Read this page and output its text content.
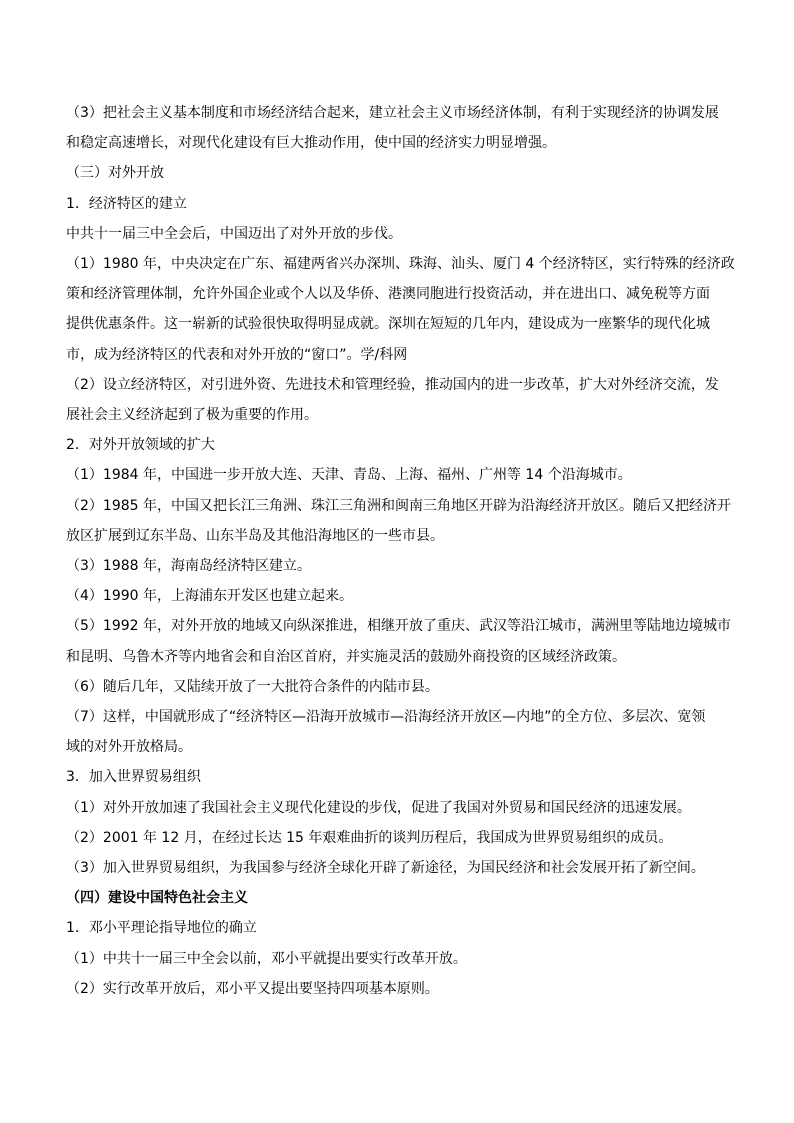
（3）把社会主义基本制度和市场经济结合起来，建立社会主义市场经济体制，有利于实现经济的协调发展

和稳定高速增长，对现代化建设有巨大推动作用，使中国的经济实力明显增强。

（三）对外开放

1．经济特区的建立

中共十一届三中全会后，中国迈出了对外开放的步伐。

（1）1980 年，中央决定在广东、福建两省兴办深圳、珠海、汕头、厦门 4 个经济特区，实行特殊的经济政

策和经济管理体制，允许外国企业或个人以及华侨、港澳同胞进行投资活动，并在进出口、减免税等方面

提供优惠条件。这一崭新的试验很快取得明显成就。深圳在短短的几年内，建设成为一座繁华的现代化城

市，成为经济特区的代表和对外开放的“窗口”。学/科网

（2）设立经济特区，对引进外资、先进技术和管理经验，推动国内的进一步改革，扩大对外经济交流，发

展社会主义经济起到了极为重要的作用。

2．对外开放领域的扩大

（1）1984 年，中国进一步开放大连、天津、青岛、上海、福州、广州等 14 个沿海城市。

（2）1985 年，中国又把长江三角洲、珠江三角洲和闽南三角地区开辟为沿海经济开放区。随后又把经济开

放区扩展到辽东半岛、山东半岛及其他沿海地区的一些市县。

（3）1988 年，海南岛经济特区建立。

（4）1990 年，上海浦东开发区也建立起来。

（5）1992 年，对外开放的地域又向纵深推进，相继开放了重庆、武汉等沿江城市，满洲里等陆地边境城市

和昆明、乌鲁木齐等内地省会和自治区首府，并实施灵活的鼓励外商投资的区域经济政策。

（6）随后几年，又陆续开放了一大批符合条件的内陆市县。

（7）这样，中国就形成了“经济特区—沿海开放城市—沿海经济开放区—内地”的全方位、多层次、宽领

域的对外开放格局。

3．加入世界贸易组织

（1）对外开放加速了我国社会主义现代化建设的步伐，促进了我国对外贸易和国民经济的迅速发展。

（2）2001 年 12 月，在经过长达 15 年艰难曲折的谈判历程后，我国成为世界贸易组织的成员。

（3）加入世界贸易组织，为我国参与经济全球化开辟了新途径，为国民经济和社会发展开拓了新空间。

（四）建设中国特色社会主义

1．邓小平理论指导地位的确立

（1）中共十一届三中全会以前，邓小平就提出要实行改革开放。

（2）实行改革开放后，邓小平又提出要坚持四项基本原则。
